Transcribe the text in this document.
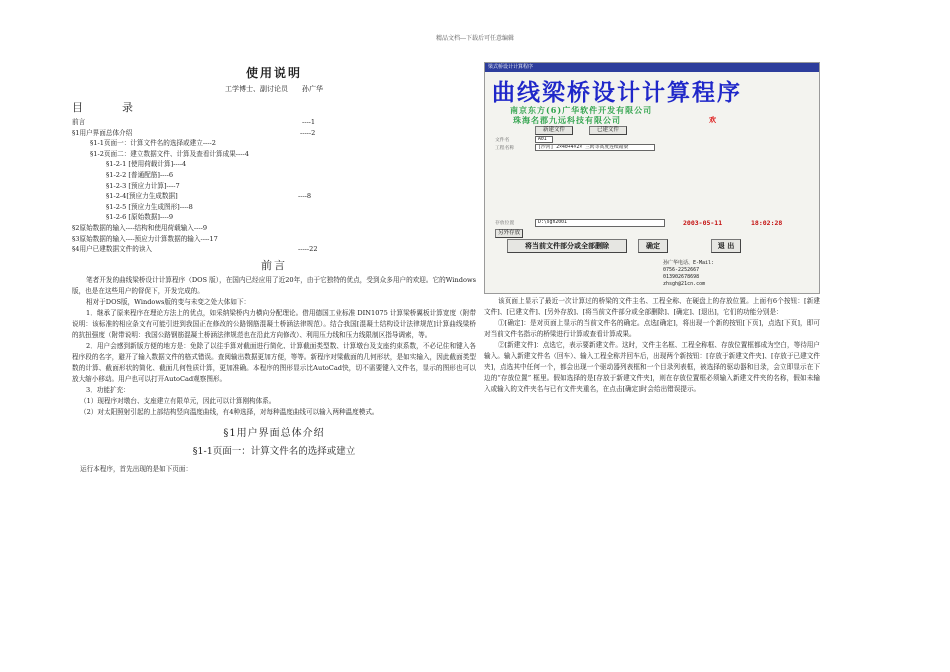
精品文档---下载后可任意编辑
使用说明
工学博士、副讨论员　　孙广华
目　录
前言	----1
§1用户界面总体介绍	-----2
§1-1页面一：计算文件名的选择或建立----2
§1-2页面二：建立数据文件、计算及查看计算成果----4
§1-2-1 [使用荷载计算]----4
§1-2-2 [普通配筋]----6
§1-2-3 [预应力计算]----7
§1-2-4[预应力生成数据]	----8
§1-2-5 [预应力生成图形]----8
§1-2-6 [原始数据]----9
§2原始数据的输入----结构和使用荷载输入----9
§3原始数据的输入----预应力计算数据的输入----17
§4用户已建数据文件的读入	-----22
前言

笔者开发的曲线梁桥设计计算程序（DOS 版），在国内已经应用了近20年，由于它独特的优点，受到众多用户的欢迎。它的Windows版，也是在这些用户的督促下，开发完成的。

相对于DOS版，Windows版的变与未变之处大体如下：

1．继承了原来程序在理论方法上的优点，如采纳梁桥内力横向分配理论。借用德国工业标准 DIN1075 计算梁桥翼板计算宽度（附带说明：该标准的相应条文有可能引进到我国正在修改的公路钢筋混凝土桥涵法律规范）。结合我国[混凝土结构设计法律规范]计算曲线梁桥的抗扭强度（附带说明：我国公路钢筋混凝土桥涵法律规范也在沿此方向修改）、利用压力线和压力线限制区指导调索，等。

2．用户会感到新版方便的地方是：免除了以往手算对截面进行简化、计算截面类型数、计算墩台及支座约束系数，不必记住和键入各程序段的名字，避开了输入数据文件的格式错误。查阅输出数据更加方便，等等。新程序对梁截面的几何形状，是如实输入，因此截面类型数的计算、截面形状的简化、截面几何性质计算，更加准确。本程序的图形显示比AutoCad快，切不需要键入文件名，显示的图形也可以放大缩小移动。用户也可以打开AutoCad观察图形。

3．功能扩充：

（1）现程序对墩台、支座建立有限单元，因此可以计算刚构体系。

（2）对太阳照射引起的上部结构竖向温度曲线，有4种选择，对每种温度曲线可以输入两种温度模式。

§1用户界面总体介绍
§1-1页面一：计算文件名的选择或建立

运行本程序，首先出现的是如下页面：

梁式桥设计计算程序
曲线梁桥设计计算程序
南京东方(6)广华软件开发有限公司
珠海名郡九远科技有限公司	欢
新建文件	已建文件
文件名	A01
工程名称	[沙河] 2×40+4×2× 三跨等高度连续箱梁
存放位置	D:\sgh2001
另外存放
2003-05-11	18:02:28
将当前文件部分或全部删除	确定	退 出
孙广华电话、E-Mail:
0756-2252667
013902678698
zhsgh@21cn.com

该页面上显示了最近一次计算过的桥梁的文件主名、工程全称、在硬盘上的存放位置。上面有6个按钮：[新建文件]、[已建文件]、[另外存放]、[将当前文件部分或全部删除]、[确定]、[退出]，它们的功能分别是：

①[确定]：是对页面上显示的当前文件名的确定。点选[确定]，将出现一个新的按钮[下页]，点选[下页]，即可对当前文件名指示的桥梁进行计算或查看计算成果。

②[新建文件]：点选它，表示要新建文件。这时，文件主名框、工程全称框、存放位置框都成为空白，等待用户输入。输入新建文件名（回车）、输入工程全称并回车后，出现两个新按钮：[存放于新建文件夹]、[存放于已建文件夹]，点选其中任何一个，都会出现一个驱动器列表框和一个目录列表框，被选择的驱动器和目录，会立即显示在下边的“存放位置” 框里。假如选择的是[存放于新建文件夹]，则在存放位置框必须输入新建文件夹的名称，假如未输入或输入的文件夹名与已有文件夹重名，在点击[确定]时会给出错误提示。
